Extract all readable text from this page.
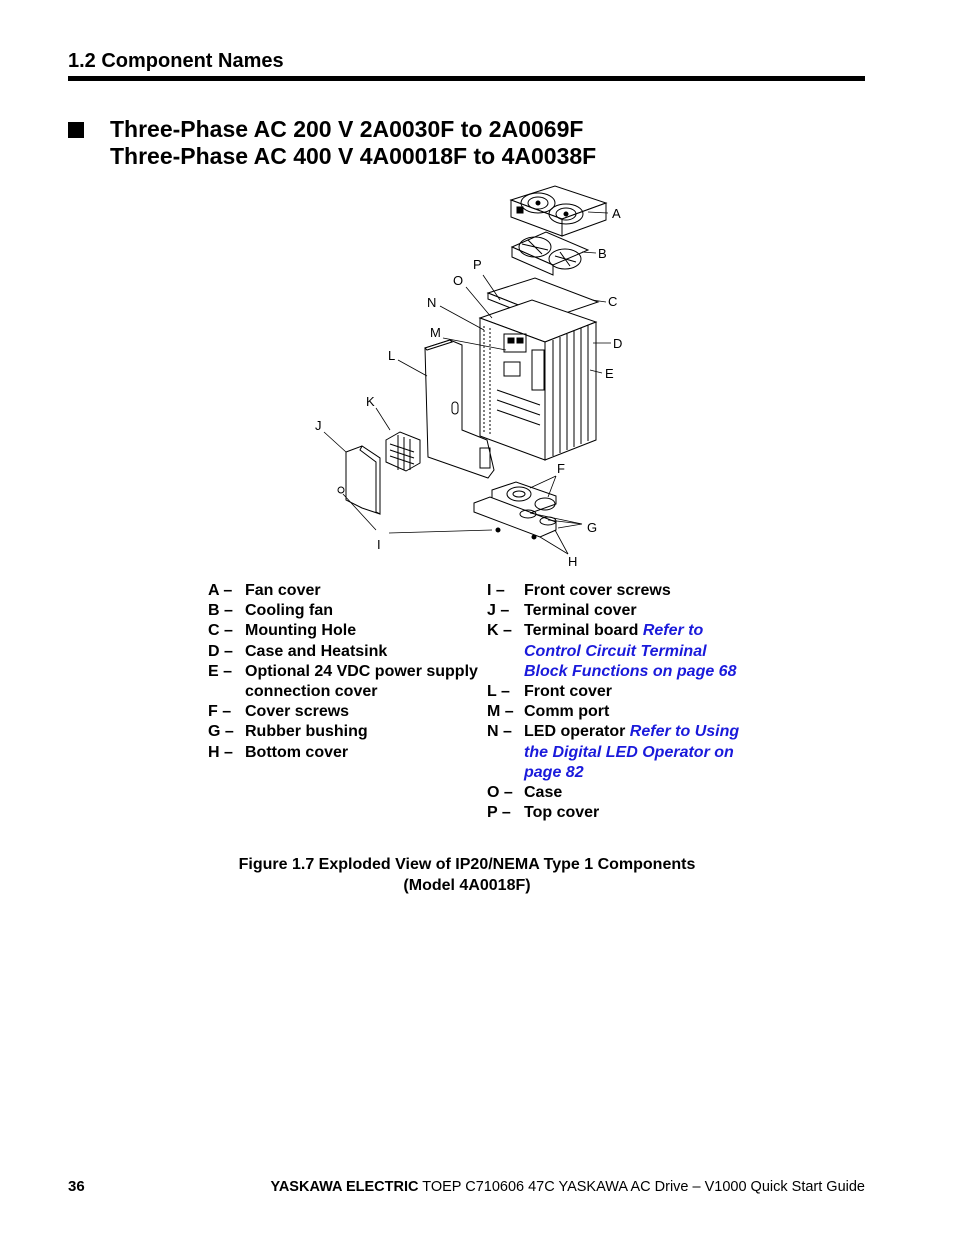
1.2 Component Names
Three-Phase AC 200 V 2A0030F to 2A0069F
Three-Phase AC 400 V 4A00018F to 4A0038F
A
B
C
D
E
F
G
H
I
J
K
L
M
N
O
P
A – Fan cover
B – Cooling fan
C – Mounting Hole
D – Case and Heatsink
E – Optional 24 VDC power supply connection cover
F – Cover screws
G – Rubber bushing
H – Bottom cover
I –	Front cover screws
J – Terminal cover
K – Terminal board Refer to Control Circuit Terminal Block Functions on page 68
L – Front cover
M – Comm port
N – LED operator Refer to Using the Digital LED Operator on page 82
O – Case
P – Top cover
Figure 1.7 Exploded View of IP20/NEMA Type 1 Components
(Model 4A0018F)
36	YASKAWA ELECTRIC TOEP C710606 47C YASKAWA AC Drive – V1000 Quick Start Guide
